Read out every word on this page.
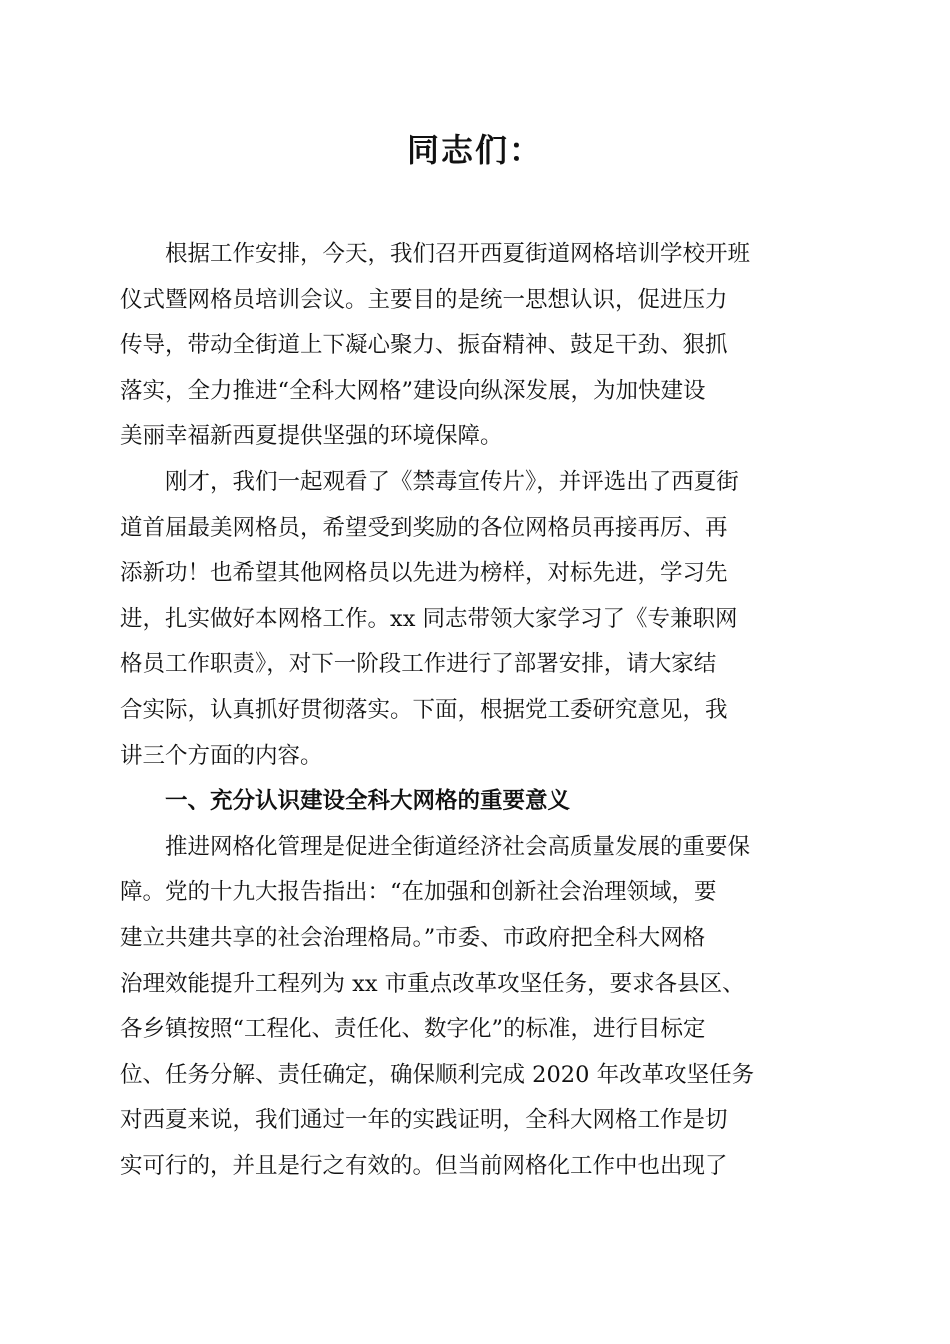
同志们：
根据工作安排，今天，我们召开西夏街道网格培训学校开班
仪式暨网格员培训会议。主要目的是统一思想认识，促进压力
传导，带动全街道上下凝心聚力、振奋精神、鼓足干劲、狠抓
落实，全力推进“全科大网格”建设向纵深发展，为加快建设
美丽幸福新西夏提供坚强的环境保障。
刚才，我们一起观看了《禁毒宣传片》，并评选出了西夏街
道首届最美网格员，希望受到奖励的各位网格员再接再厉、再
添新功！也希望其他网格员以先进为榜样，对标先进，学习先
进，扎实做好本网格工作。xx 同志带领大家学习了《专兼职网
格员工作职责》，对下一阶段工作进行了部署安排，请大家结
合实际，认真抓好贯彻落实。下面，根据党工委研究意见，我
讲三个方面的内容。
一、充分认识建设全科大网格的重要意义
推进网格化管理是促进全街道经济社会高质量发展的重要保
障。党的十九大报告指出：“在加强和创新社会治理领域，要
建立共建共享的社会治理格局。”市委、市政府把全科大网格
治理效能提升工程列为 xx 市重点改革攻坚任务，要求各县区、
各乡镇按照“工程化、责任化、数字化”的标准，进行目标定
位、任务分解、责任确定，确保顺利完成 2020 年改革攻坚任务
对西夏来说，我们通过一年的实践证明，全科大网格工作是切
实可行的，并且是行之有效的。但当前网格化工作中也出现了
